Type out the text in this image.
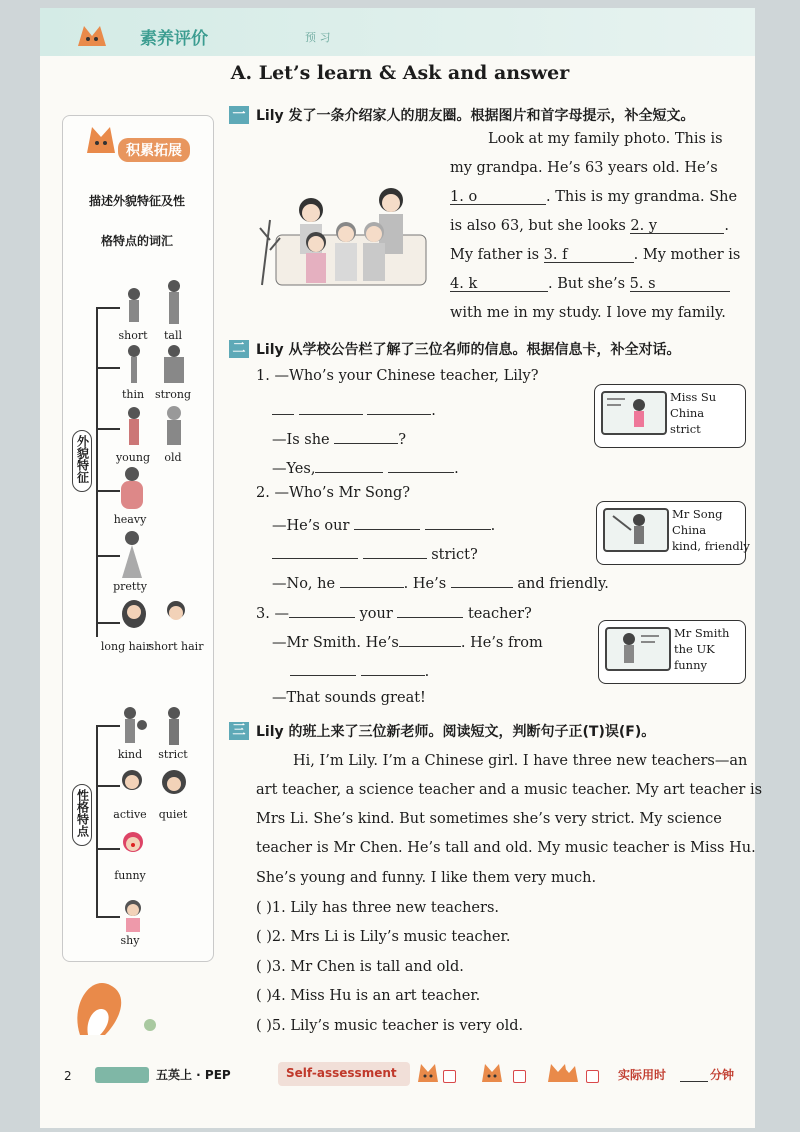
素养评价	预 习
A. Let’s learn & Ask and answer
积累拓展
描述外貌特征及性
格特点的词汇
外貌特征
short	tall
thin strong
young	old
heavy
pretty
long hair
short hair
性格特点
kind	strict
active	quiet
funny
shy
一 Lily 发了一条介绍家人的朋友圈。根据图片和首字母提示，补全短文。
Look at my family photo. This is
my grandpa. He’s 63 years old. He’s
1. o	. This is my grandma. She
is also 63, but she looks 2. y	.
My father is 3. f	. My mother is
4. k	. But she’s 5. s
with me in my study. I love my family.
二 Lily 从学校公告栏了解了三位名师的信息。根据信息卡，补全对话。
1. —Who’s your Chinese teacher, Lily?
.
—Is she	?
—Yes,	.
2. —Who’s Mr Song?
—He’s our	.
strict?
—No, he	. He’s	and friendly.
3. —	your	teacher?
—Mr Smith. He’s	. He’s from
.
—That sounds great!
Miss Su
China
strict
Mr Song
China
kind, friendly
Mr Smith
the UK
funny
三 Lily 的班上来了三位新老师。阅读短文，判断句子正(T)误(F)。
Hi, I’m Lily. I’m a Chinese girl. I have three new teachers—an
art teacher, a science teacher and a music teacher. My art teacher is
Mrs Li. She’s kind. But sometimes she’s very strict. My science
teacher is Mr Chen. He’s tall and old. My music teacher is Miss Hu.
She’s young and funny. I like them very much.
( )1. Lily has three new teachers.
( )2. Mrs Li is Lily’s music teacher.
( )3. Mr Chen is tall and old.
( )4. Miss Hu is an art teacher.
( )5. Lily’s music teacher is very old.
2	五英上 · PEP	Self-assessment	实际用时	分钟
